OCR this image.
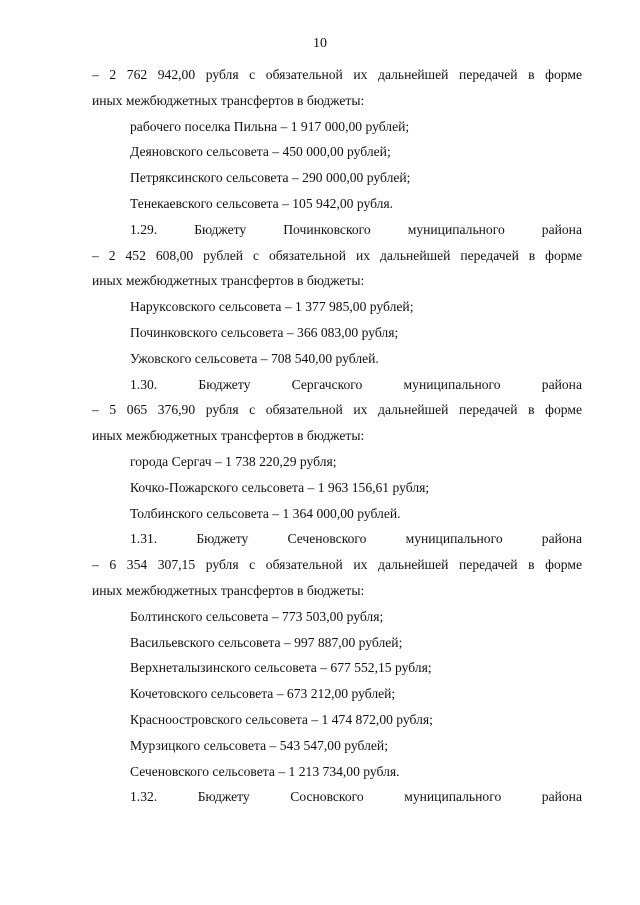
10
– 2 762 942,00 рубля с обязательной их дальнейшей передачей в форме
иных межбюджетных трансфертов в бюджеты:
рабочего поселка Пильна – 1 917 000,00 рублей;
Деяновского сельсовета – 450 000,00 рублей;
Петряксинского сельсовета – 290 000,00 рублей;
Тенекаевского сельсовета – 105 942,00 рубля.
1.29. Бюджету Починковского муниципального района
– 2 452 608,00 рублей с обязательной их дальнейшей передачей в форме
иных межбюджетных трансфертов в бюджеты:
Наруксовского сельсовета – 1 377 985,00 рублей;
Починковского сельсовета – 366 083,00 рубля;
Ужовского сельсовета – 708 540,00 рублей.
1.30. Бюджету Сергачского муниципального района
– 5 065 376,90 рубля с обязательной их дальнейшей передачей в форме
иных межбюджетных трансфертов в бюджеты:
города Сергач – 1 738 220,29 рубля;
Кочко-Пожарского сельсовета – 1 963 156,61 рубля;
Толбинского сельсовета – 1 364 000,00 рублей.
1.31. Бюджету Сеченовского муниципального района
– 6 354 307,15 рубля с обязательной их дальнейшей передачей в форме
иных межбюджетных трансфертов в бюджеты:
Болтинского сельсовета – 773 503,00 рубля;
Васильевского сельсовета – 997 887,00 рублей;
Верхнеталызинского сельсовета – 677 552,15 рубля;
Кочетовского сельсовета – 673 212,00 рублей;
Красноостровского сельсовета – 1 474 872,00 рубля;
Мурзицкого сельсовета – 543 547,00 рублей;
Сеченовского сельсовета – 1 213 734,00 рубля.
1.32. Бюджету Сосновского муниципального района
